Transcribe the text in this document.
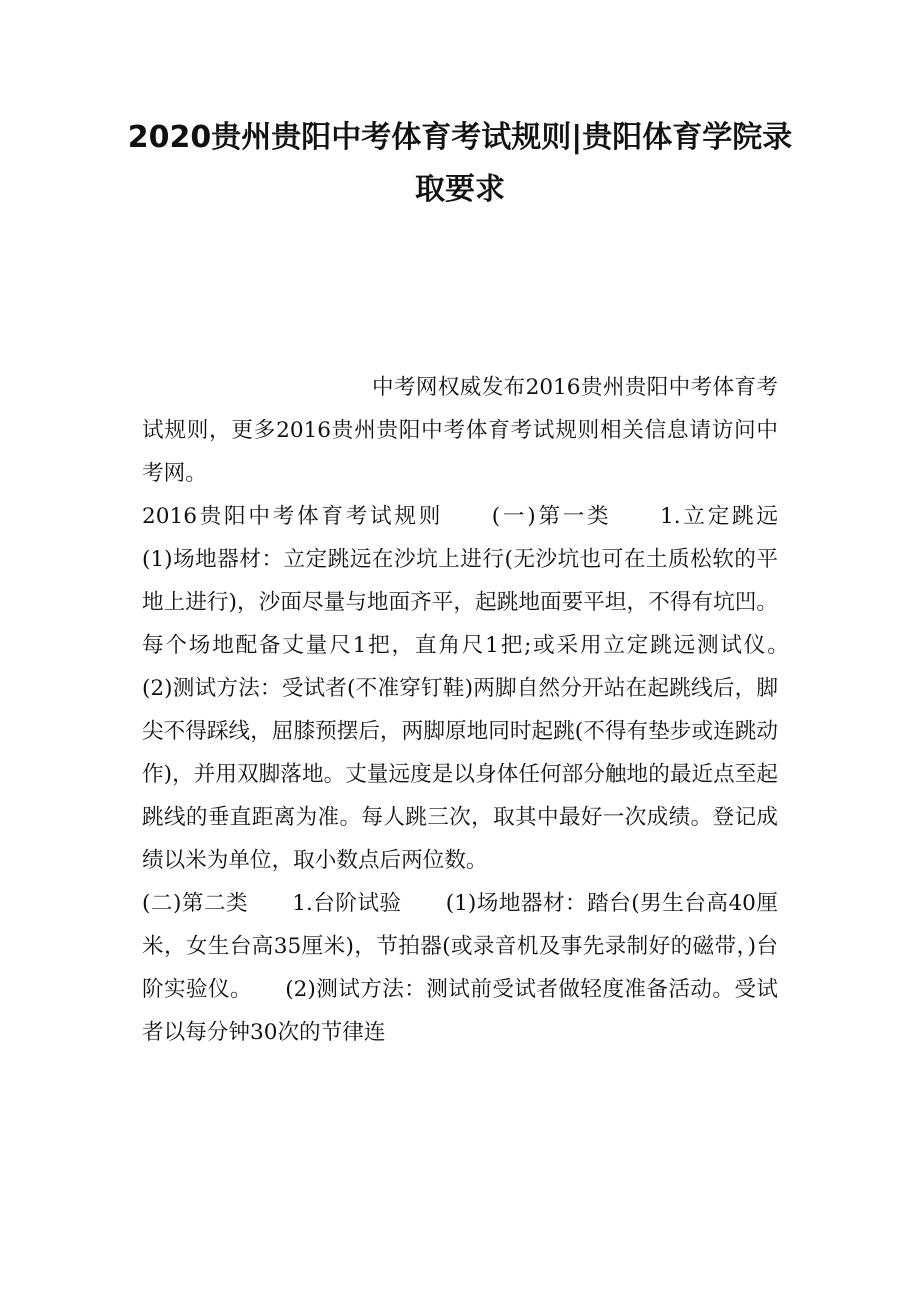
2020贵州贵阳中考体育考试规则|贵阳体育学院录取要求

中考网权威发布2016贵州贵阳中考体育考试规则，更多2016贵州贵阳中考体育考试规则相关信息请访问中考网。

2016贵阳中考体育考试规则　　(一)第一类　　1.立定跳远　　(1)场地器材：立定跳远在沙坑上进行(无沙坑也可在土质松软的平地上进行)，沙面尽量与地面齐平，起跳地面要平坦，不得有坑凹。每个场地配备丈量尺1把，直角尺1把;或采用立定跳远测试仪。　　(2)测试方法：受试者(不准穿钉鞋)两脚自然分开站在起跳线后，脚尖不得踩线，屈膝预摆后，两脚原地同时起跳(不得有垫步或连跳动作)，并用双脚落地。丈量远度是以身体任何部分触地的最近点至起跳线的垂直距离为准。每人跳三次，取其中最好一次成绩。登记成绩以米为单位，取小数点后两位数。

(二)第二类　　1.台阶试验　　(1)场地器材：踏台(男生台高40厘米，女生台高35厘米)，节拍器(或录音机及事先录制好的磁带，)台阶实验仪。　　(2)测试方法：测试前受试者做轻度准备活动。受试者以每分钟30次的节律连
